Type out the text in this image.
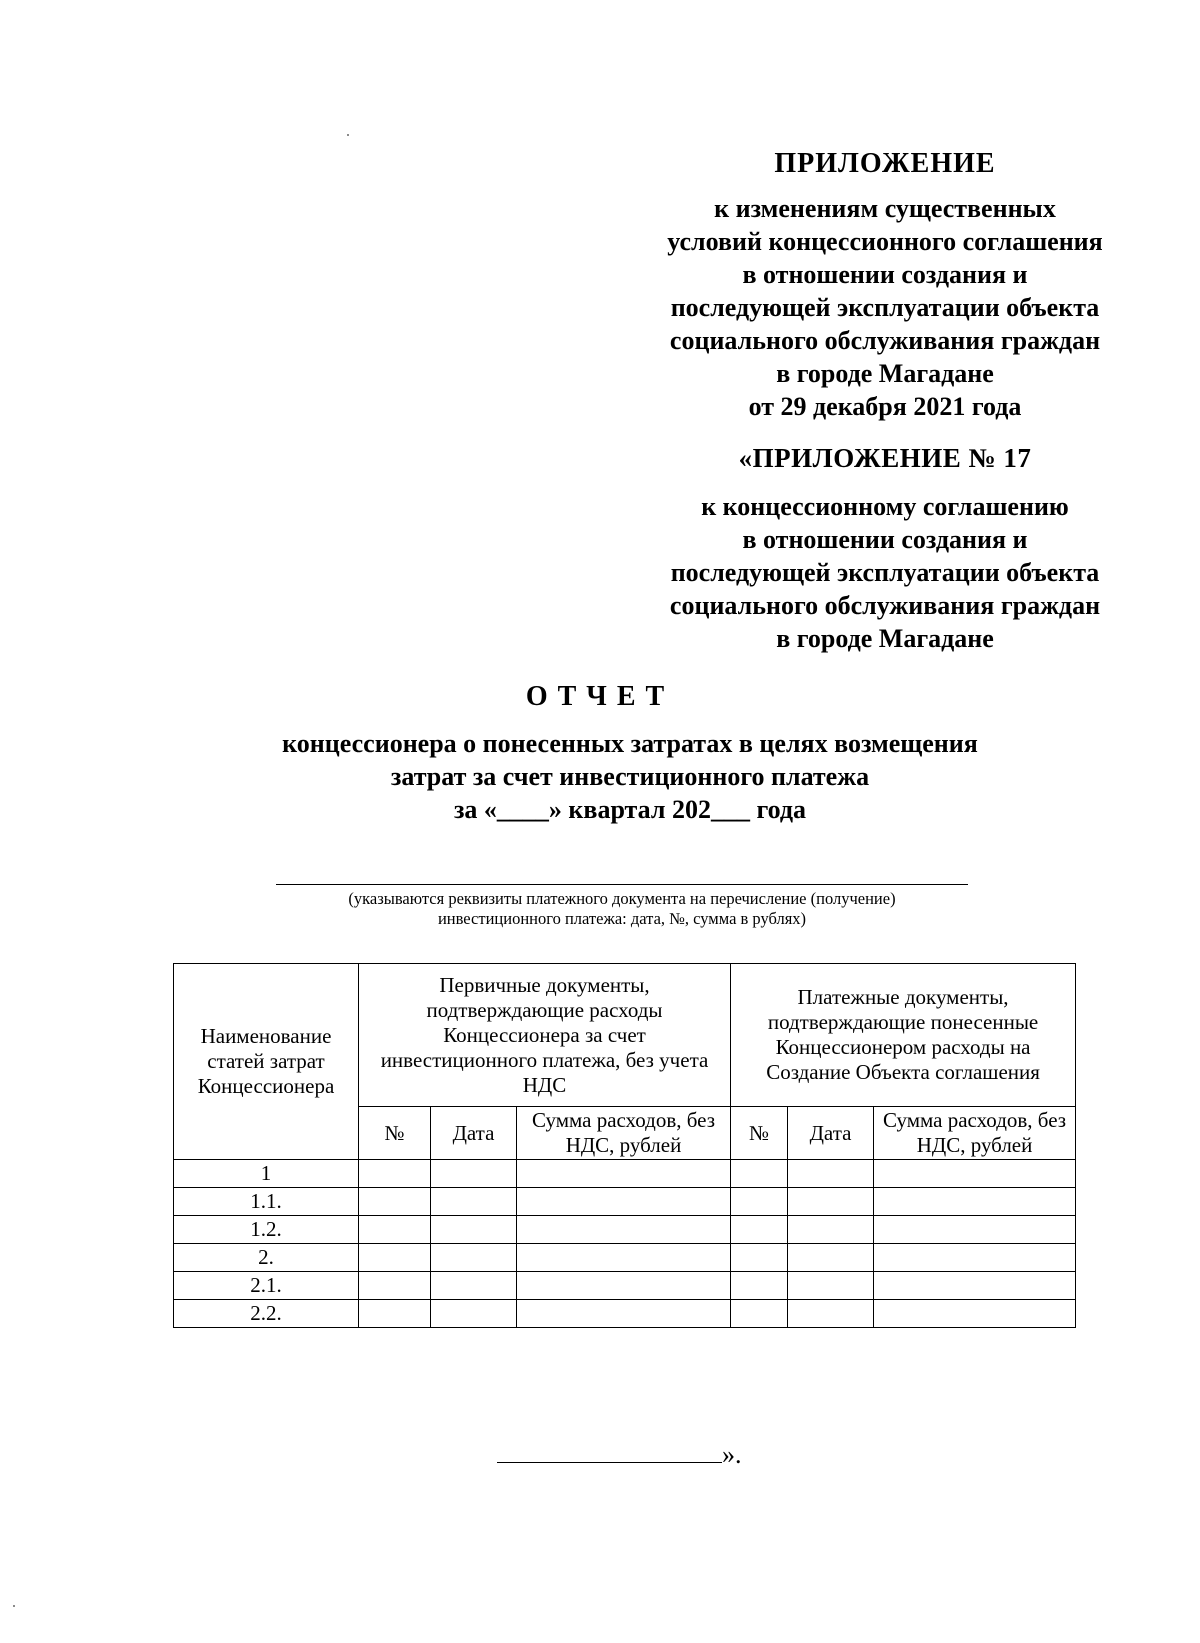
ПРИЛОЖЕНИЕ
к изменениям существенных
условий концессионного соглашения
в отношении создания и
последующей эксплуатации объекта
социального обслуживания граждан
в городе Магадане
от 29 декабря 2021 года
«ПРИЛОЖЕНИЕ № 17
к концессионному соглашению
в отношении создания и
последующей эксплуатации объекта
социального обслуживания граждан
в городе Магадане
ОТЧЕТ
концессионера о понесенных затратах в целях возмещения
затрат за счет инвестиционного платежа
за «____» квартал 202___ года
(указываются реквизиты платежного документа на перечисление (получение)
инвестиционного платежа: дата, №, сумма в рублях)
Наименование статей затрат Концессионера	Первичные документы, подтверждающие расходы Концессионера за счет инвестиционного платежа, без учета НДС			Платежные документы, подтверждающие понесенные Концессионером расходы на Создание Объекта соглашения		
	№	Дата	Сумма расходов, без НДС, рублей	№	Дата	Сумма расходов, без НДС, рублей
1						
1.1.						
1.2.						
2.						
2.1.						
2.2.						
».
